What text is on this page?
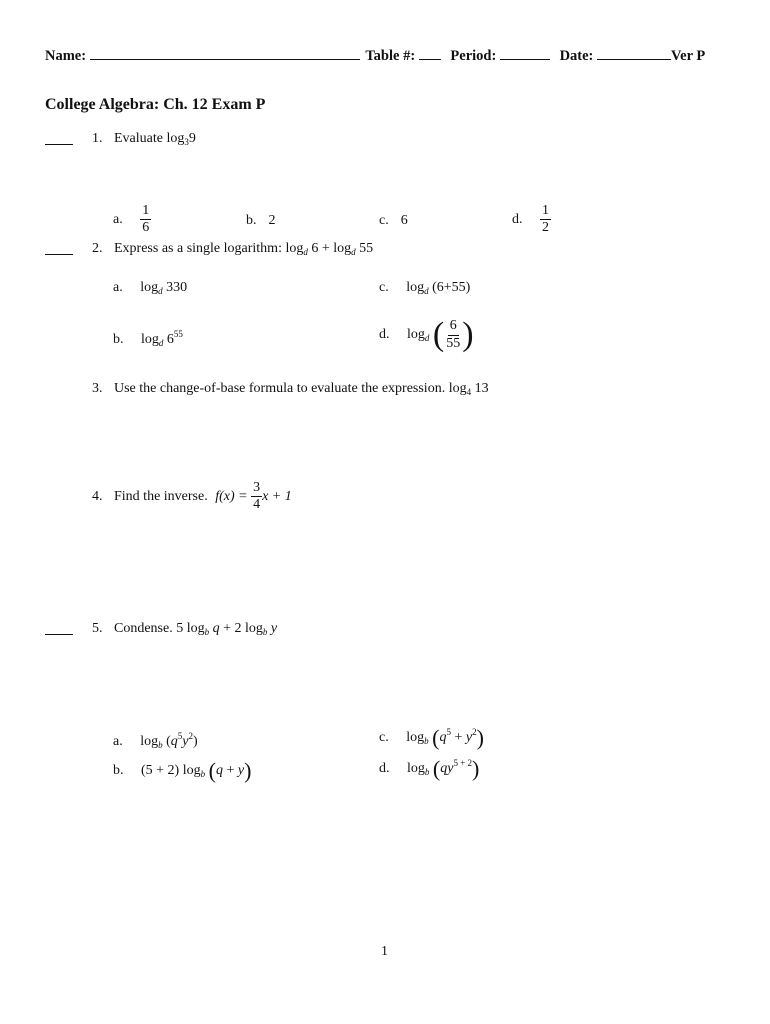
Name:	Table #: Period:	Date:	Ver P
College Algebra: Ch. 12 Exam P
1. Evaluate $\log_39$
a. $\frac{1}{6}$	b. 2	c. 6	d. $\frac{1}{2}$
2. Express as a single logarithm: $\log_d 6 + \log_d 55$
a. $\log_d 330$	c. $\log_d (6+55)$
b. $\log_d 6^{55}$	d. $\log_d$ ( $\frac{6}{55}$ )
3. Use the change-of-base formula to evaluate the expression. $\log_4 13$
4. Find the inverse. $f(x) = \frac{3}{4}$ x + 1
5. Condense. 5 $\log_b q + 2$ $\log_b y$
a. $\log_b (q^5y^2)$	c. $\log_b (q^5 + y^2)$
b. (5 + 2) $\log_b (q + y)$	d. $\log_b (qy^{5 + 2})$
1
